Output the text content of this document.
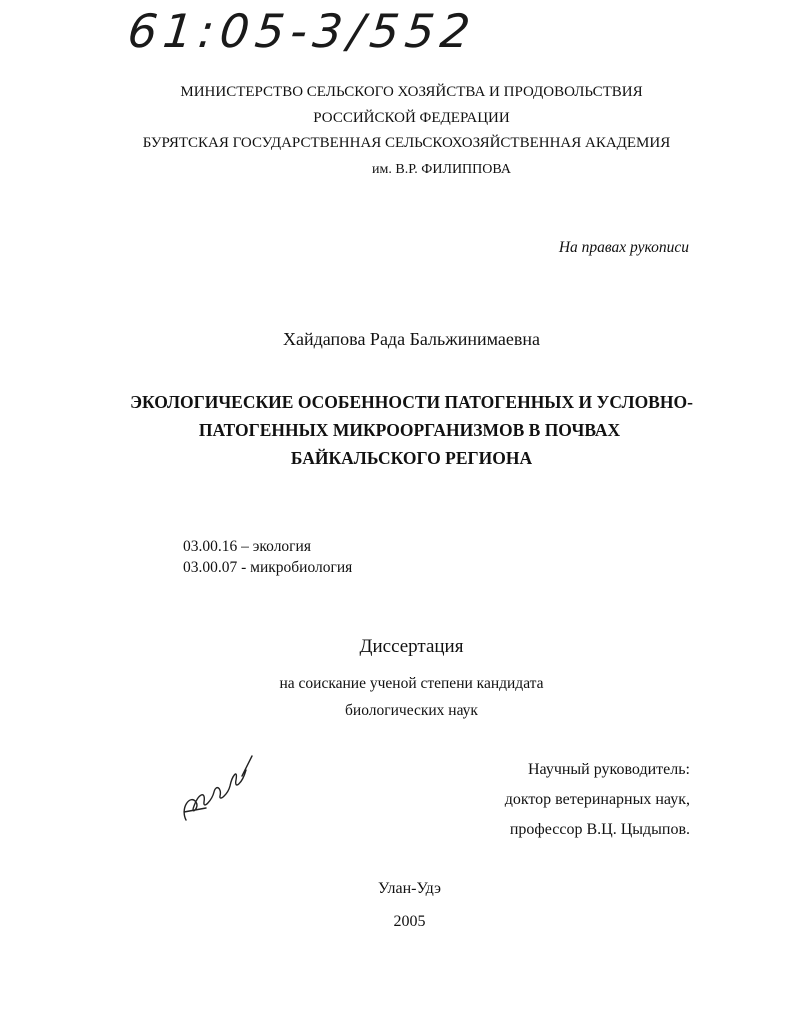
61:05-3/552
МИНИСТЕРСТВО СЕЛЬСКОГО ХОЗЯЙСТВА И ПРОДОВОЛЬСТВИЯ
РОССИЙСКОЙ ФЕДЕРАЦИИ
БУРЯТСКАЯ ГОСУДАРСТВЕННАЯ СЕЛЬСКОХОЗЯЙСТВЕННАЯ АКАДЕМИЯ
им. В.Р. ФИЛИППОВА
На правах рукописи
Хайдапова Рада Бальжинимаевна
ЭКОЛОГИЧЕСКИЕ ОСОБЕННОСТИ ПАТОГЕННЫХ И УСЛОВНО-
ПАТОГЕННЫХ МИКРООРГАНИЗМОВ В ПОЧВАХ
БАЙКАЛЬСКОГО РЕГИОНА
03.00.16 – экология
03.00.07 - микробиология
Диссертация
на соискание ученой степени кандидата
биологических наук
Научный руководитель:
доктор ветеринарных наук,
профессор В.Ц. Цыдыпов.
Улан-Удэ
2005
